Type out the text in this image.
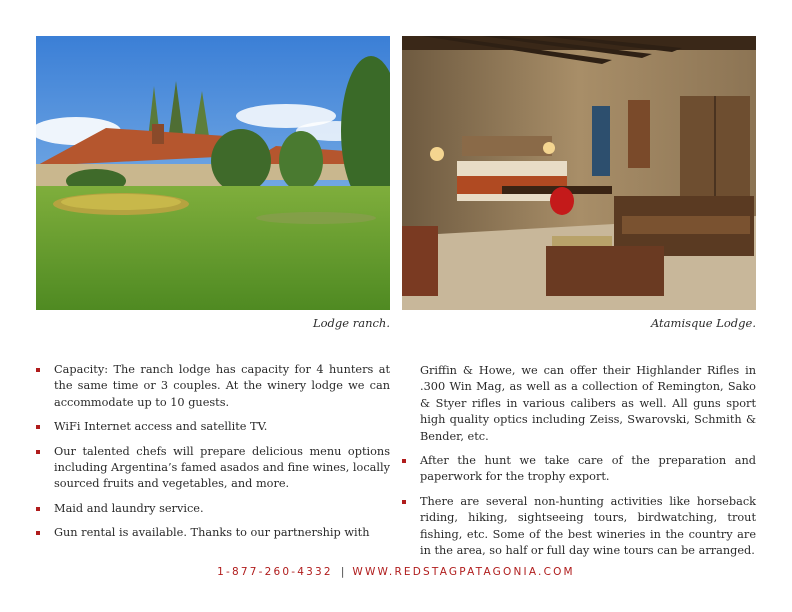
Lodge ranch.	Atamisque Lodge.
Capacity: The ranch lodge has capacity for 4 hunters at the same time or 3 couples. At the winery lodge we can accommodate up to 10 guests.
WiFi Internet access and satellite TV.
Our talented chefs will prepare delicious menu options including Argentina’s famed asados and fine wines, locally sourced fruits and vegetables, and more.
Maid and laundry service.
Gun rental is available. Thanks to our partnership with
Griffin & Howe, we can offer their Highlander Rifles in .300 Win Mag, as well as a collection of Remington, Sako & Styer rifles in various calibers as well. All guns sport high quality optics including Zeiss, Swarovski, Schmith & Bender, etc.
After the hunt we take care of the preparation and paperwork for the trophy export.
There are several non-hunting activities like horseback riding, hiking, sightseeing tours, birdwatching, trout fishing, etc. Some of the best wineries in the country are in the area, so half or full day wine tours can be arranged.
1-877-260-4332 | WWW.REDSTAGPATAGONIA.COM
